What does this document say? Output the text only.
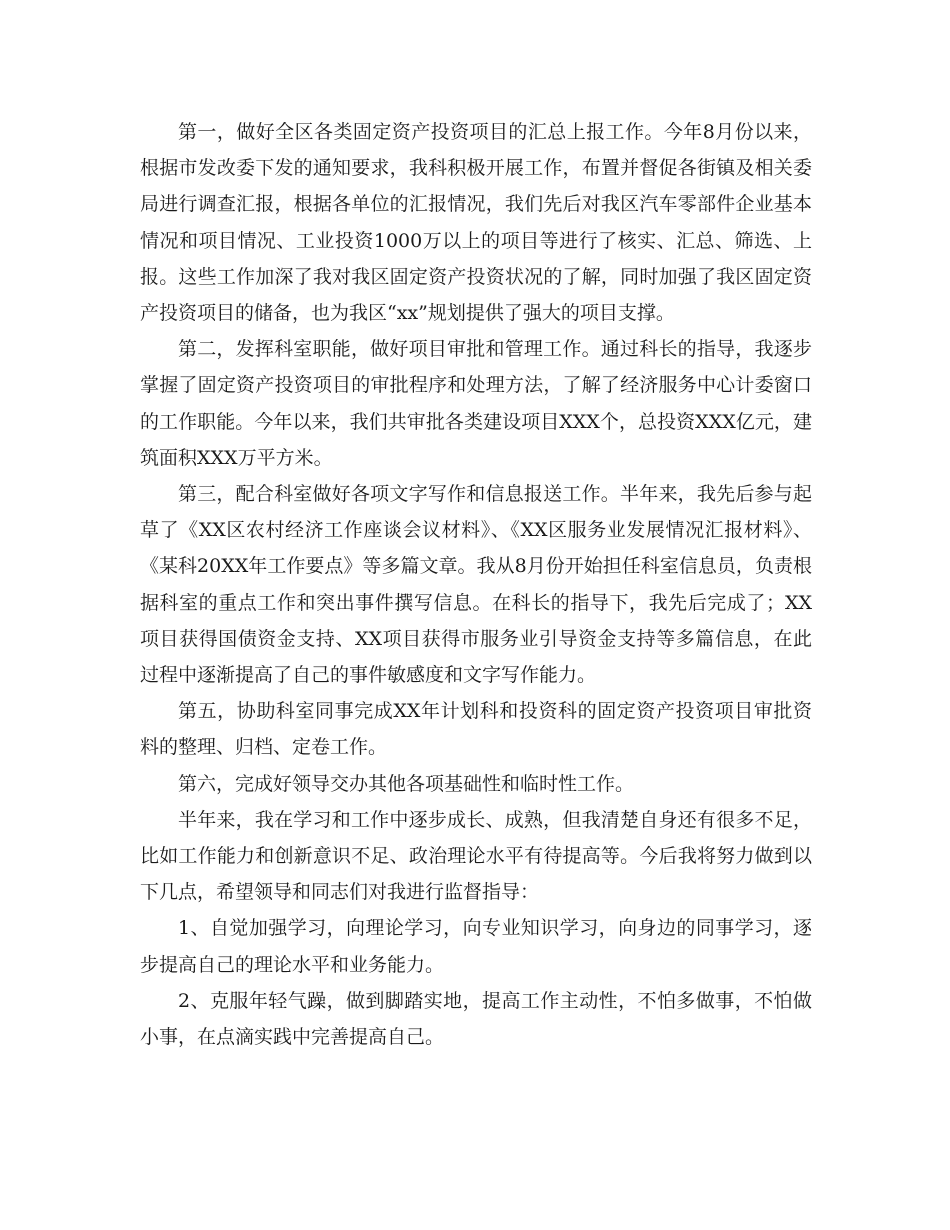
第一，做好全区各类固定资产投资项目的汇总上报工作。今年8月份以来，根据市发改委下发的通知要求，我科积极开展工作，布置并督促各街镇及相关委局进行调查汇报，根据各单位的汇报情况，我们先后对我区汽车零部件企业基本情况和项目情况、工业投资1000万以上的项目等进行了核实、汇总、筛选、上报。这些工作加深了我对我区固定资产投资状况的了解，同时加强了我区固定资产投资项目的储备，也为我区“xx”规划提供了强大的项目支撑。

第二，发挥科室职能，做好项目审批和管理工作。通过科长的指导，我逐步掌握了固定资产投资项目的审批程序和处理方法，了解了经济服务中心计委窗口的工作职能。今年以来，我们共审批各类建设项目XXX个，总投资XXX亿元，建筑面积XXX万平方米。

第三，配合科室做好各项文字写作和信息报送工作。半年来，我先后参与起草了《XX区农村经济工作座谈会议材料》、《XX区服务业发展情况汇报材料》、《某科20XX年工作要点》等多篇文章。我从8月份开始担任科室信息员，负责根据科室的重点工作和突出事件撰写信息。在科长的指导下，我先后完成了；XX项目获得国债资金支持、XX项目获得市服务业引导资金支持等多篇信息，在此过程中逐渐提高了自己的事件敏感度和文字写作能力。

第五，协助科室同事完成XX年计划科和投资科的固定资产投资项目审批资料的整理、归档、定卷工作。

第六，完成好领导交办其他各项基础性和临时性工作。

半年来，我在学习和工作中逐步成长、成熟，但我清楚自身还有很多不足，比如工作能力和创新意识不足、政治理论水平有待提高等。今后我将努力做到以下几点，希望领导和同志们对我进行监督指导：

1、自觉加强学习，向理论学习，向专业知识学习，向身边的同事学习，逐步提高自己的理论水平和业务能力。

2、克服年轻气躁，做到脚踏实地，提高工作主动性，不怕多做事，不怕做小事，在点滴实践中完善提高自己。
